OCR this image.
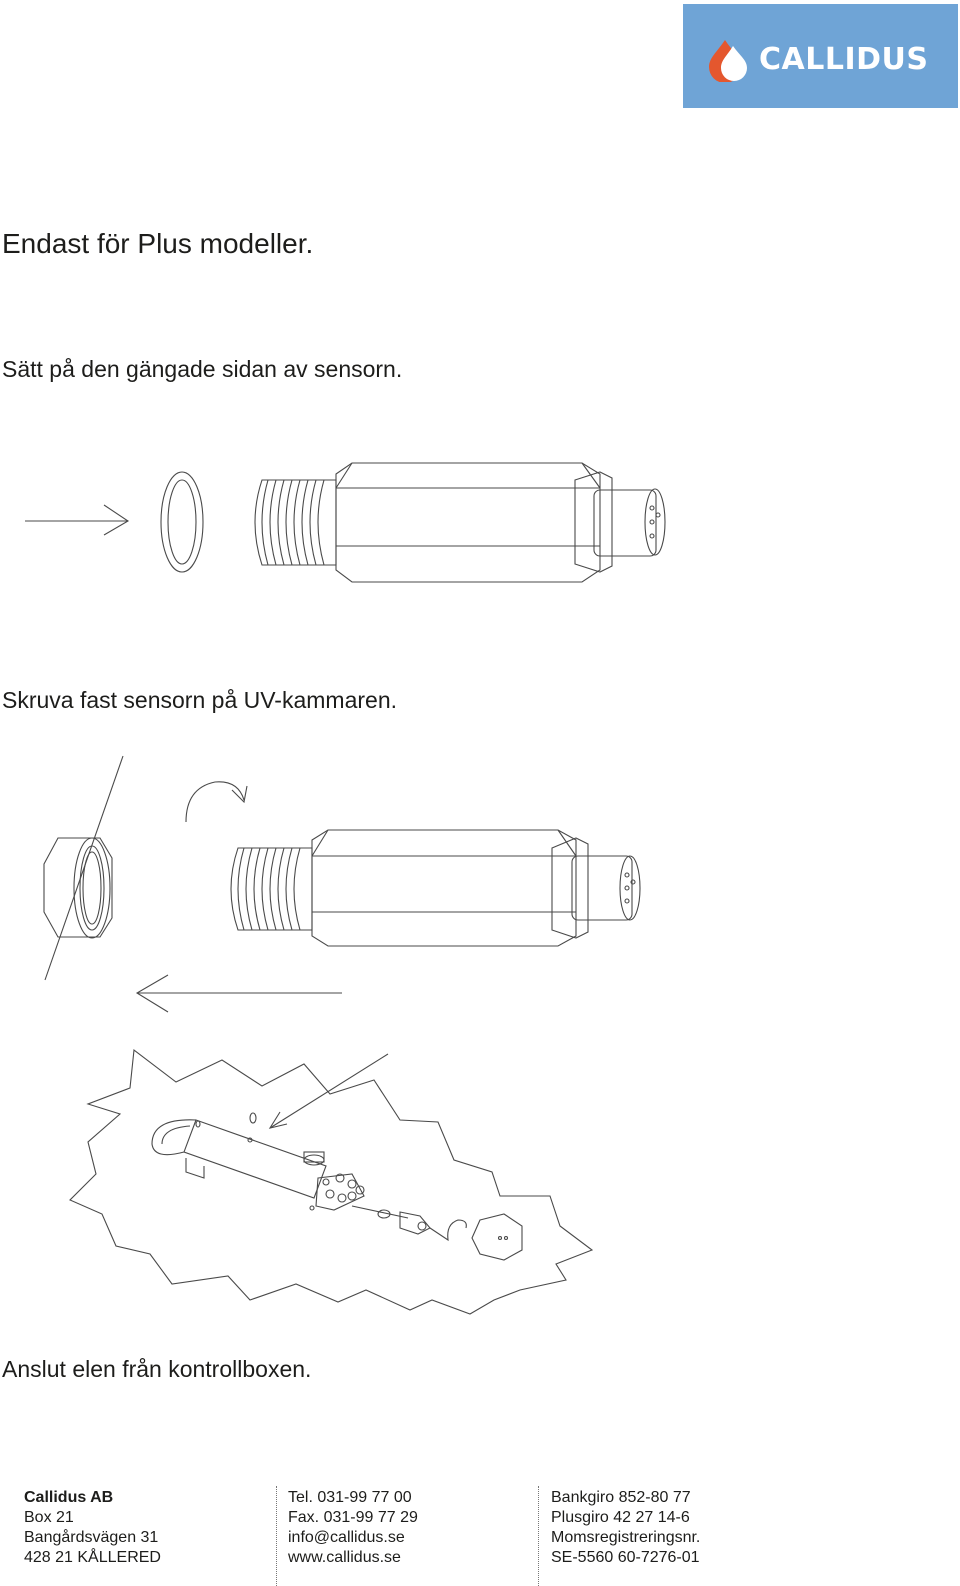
CALLIDUS
Endast för Plus modeller.

Sätt på den gängade sidan av sensorn.

Skruva fast sensorn på UV-kammaren.

Anslut elen från kontrollboxen.

Callidus AB
Box 21
Bangårdsvägen 31
428 21 KÅLLERED
Tel. 031-99 77 00
Fax. 031-99 77 29
info@callidus.se
www.callidus.se
Bankgiro 852-80 77
Plusgiro 42 27 14-6
Momsregistreringsnr.
SE-5560 60-7276-01
